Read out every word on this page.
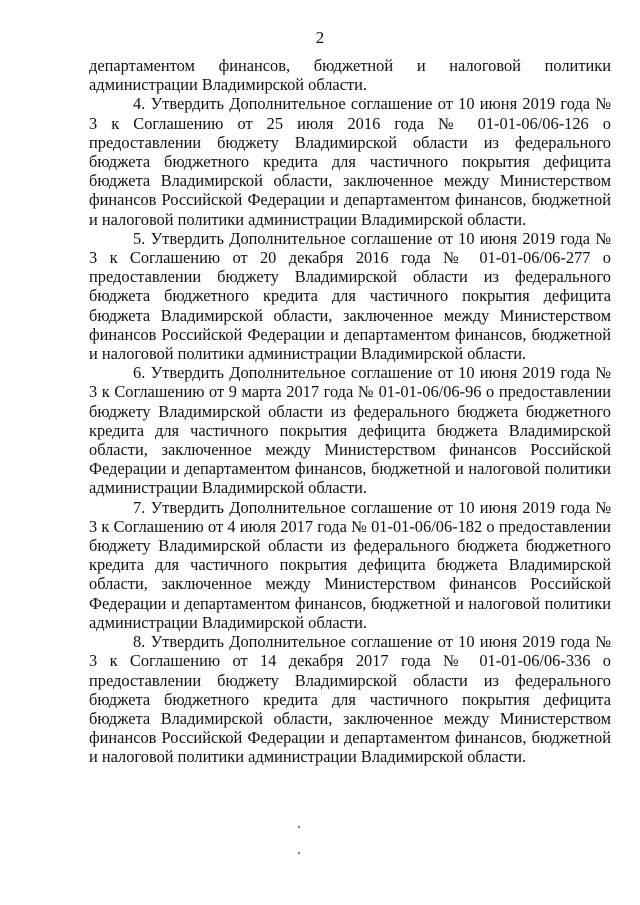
2

департаментом финансов, бюджетной и налоговой политики администрации Владимирской области.

4. Утвердить Дополнительное соглашение от 10 июня 2019 года № 3 к Соглашению от 25 июля 2016 года № 01-01-06/06-126 о предоставлении бюджету Владимирской области из федерального бюджета бюджетного кредита для частичного покрытия дефицита бюджета Владимирской области, заключенное между Министерством финансов Российской Федерации и департаментом финансов, бюджетной и налоговой политики администрации Владимирской области.

5. Утвердить Дополнительное соглашение от 10 июня 2019 года № 3 к Соглашению от 20 декабря 2016 года № 01-01-06/06-277 о предоставлении бюджету Владимирской области из федерального бюджета бюджетного кредита для частичного покрытия дефицита бюджета Владимирской области, заключенное между Министерством финансов Российской Федерации и департаментом финансов, бюджетной и налоговой политики администрации Владимирской области.

6. Утвердить Дополнительное соглашение от 10 июня 2019 года № 3 к Соглашению от 9 марта 2017 года № 01-01-06/06-96 о предоставлении бюджету Владимирской области из федерального бюджета бюджетного кредита для частичного покрытия дефицита бюджета Владимирской области, заключенное между Министерством финансов Российской Федерации и департаментом финансов, бюджетной и налоговой политики администрации Владимирской области.

7. Утвердить Дополнительное соглашение от 10 июня 2019 года № 3 к Соглашению от 4 июля 2017 года № 01-01-06/06-182 о предоставлении бюджету Владимирской области из федерального бюджета бюджетного кредита для частичного покрытия дефицита бюджета Владимирской области, заключенное между Министерством финансов Российской Федерации и департаментом финансов, бюджетной и налоговой политики администрации Владимирской области.

8. Утвердить Дополнительное соглашение от 10 июня 2019 года № 3 к Соглашению от 14 декабря 2017 года № 01-01-06/06-336 о предоставлении бюджету Владимирской области из федерального бюджета бюджетного кредита для частичного покрытия дефицита бюджета Владимирской области, заключенное между Министерством финансов Российской Федерации и департаментом финансов, бюджетной и налоговой политики администрации Владимирской области.
